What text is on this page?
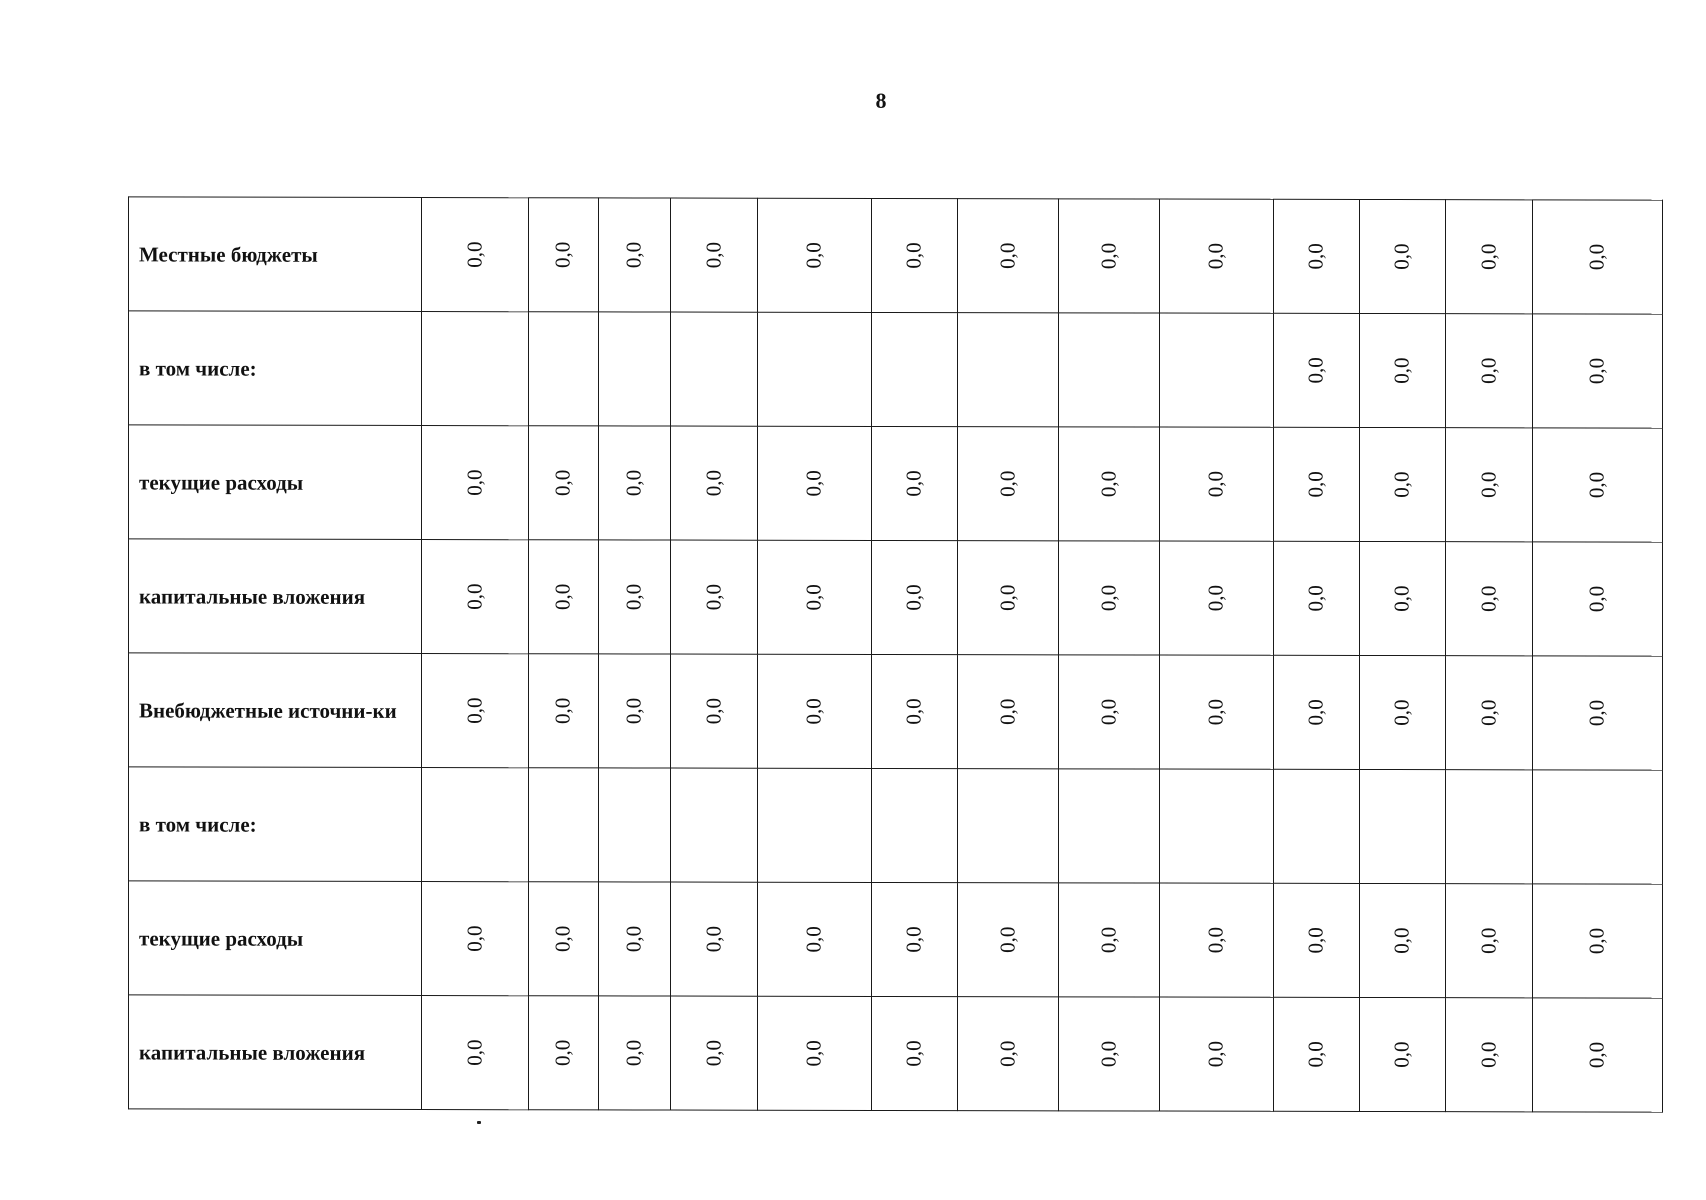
8
Местные бюджеты	0,0	0,0	0,0	0,0	0,0	0,0	0,0	0,0	0,0	0,0	0,0	0,0	0,0
в том числе:										0,0	0,0	0,0	0,0
текущие расходы	0,0	0,0	0,0	0,0	0,0	0,0	0,0	0,0	0,0	0,0	0,0	0,0	0,0
капитальные вложения	0,0	0,0	0,0	0,0	0,0	0,0	0,0	0,0	0,0	0,0	0,0	0,0	0,0
Внебюджетные источни-ки	0,0	0,0	0,0	0,0	0,0	0,0	0,0	0,0	0,0	0,0	0,0	0,0	0,0
в том числе:													
текущие расходы	0,0	0,0	0,0	0,0	0,0	0,0	0,0	0,0	0,0	0,0	0,0	0,0	0,0
капитальные вложения	0,0	0,0	0,0	0,0	0,0	0,0	0,0	0,0	0,0	0,0	0,0	0,0	0,0
